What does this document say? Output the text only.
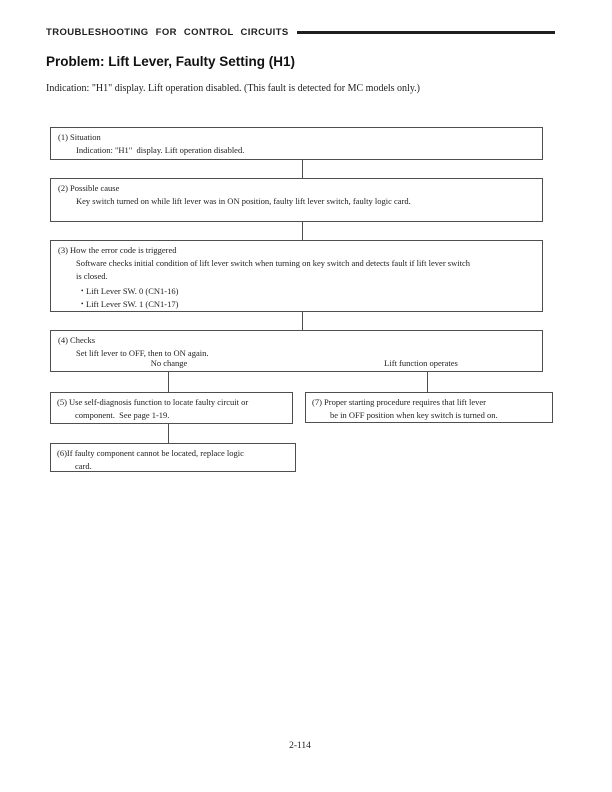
TROUBLESHOOTING FOR CONTROL CIRCUITS
Problem: Lift Lever, Faulty Setting (H1)
Indication: "H1" display. Lift operation disabled. (This fault is detected for MC models only.)
(1) Situation
Indication: "H1"  display. Lift operation disabled.
(2) Possible cause
Key switch turned on while lift lever was in ON position, faulty lift lever switch, faulty logic card.
(3) How the error code is triggered
Software checks initial condition of lift lever switch when turning on key switch and detects fault if lift lever switch
is closed.
• Lift Lever SW. 0 (CN1-16)
• Lift Lever SW. 1 (CN1-17)
(4) Checks
Set lift lever to OFF, then to ON again.
No change	Lift function operates
(5) Use self-diagnosis function to locate faulty circuit or
component.  See page 1-19.
(7) Proper starting procedure requires that lift lever
be in OFF position when key switch is turned on.
(6)If faulty component cannot be located, replace logic
card.
2-114
